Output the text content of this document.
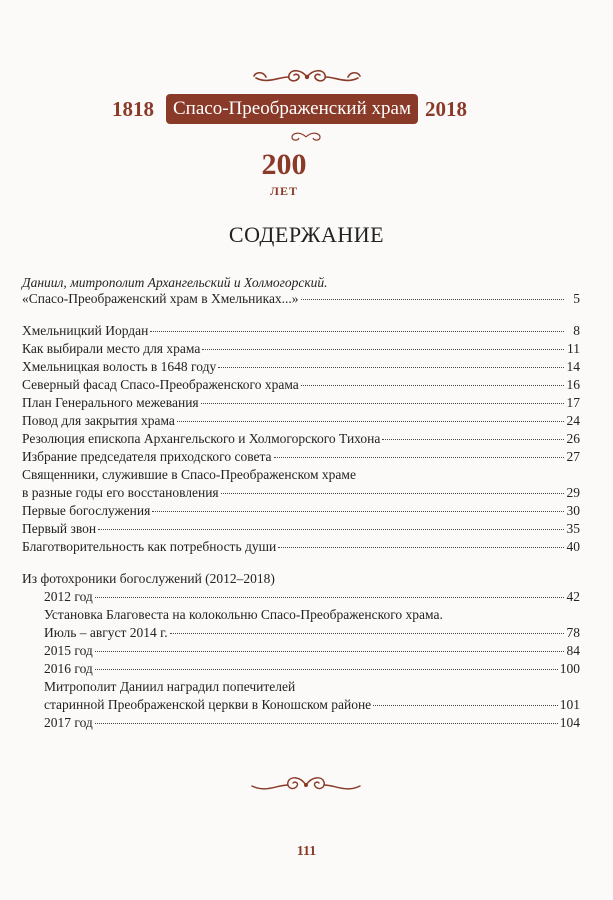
1818	Спасо-Преображенский храм 2018
200
ЛЕТ
СОДЕРЖАНИЕ
Даниил, митрополит Архангельский и Холмогорский.
«Спасо-Преображенский храм в Хмельниках...»	5
Хмельницкий Иордан	8
Как выбирали место для храма	11
Хмельницкая волость в 1648 году	14
Северный фасад Спасо-Преображенского храма	16
План Генерального межевания	17
Повод для закрытия храма	24
Резолюция епископа Архангельского и Холмогорского Тихона	26
Избрание председателя приходского совета	27
Священники, служившие в Спасо-Преображенском храме
в разные годы его восстановления	29
Первые богослужения	30
Первый звон	35
Благотворительность как потребность души	40
Из фотохроники богослужений (2012–2018)
2012 год	42
Установка Благовеста на колокольню Спасо-Преображенского храма.
Июль – август 2014 г.	78
2015 год	84
2016 год	100
Митрополит Даниил наградил попечителей
старинной Преображенской церкви в Коношском районе	101
2017 год	104
111
